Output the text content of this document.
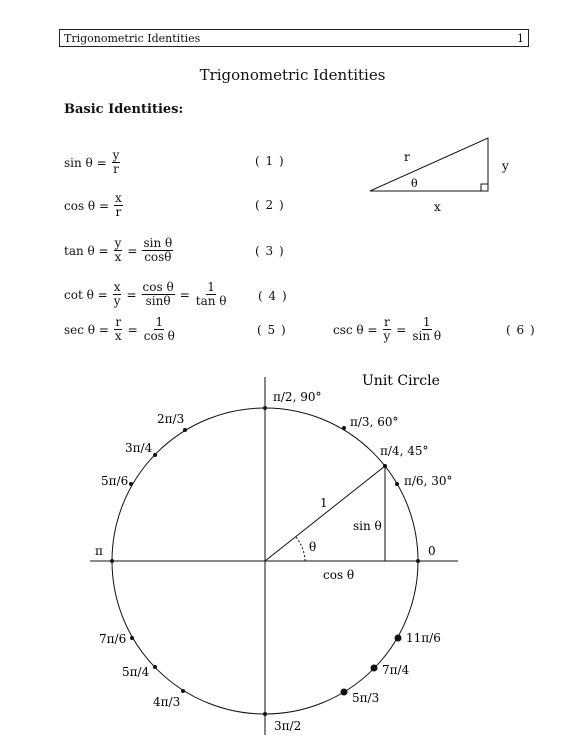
Trigonometric Identities	1
Trigonometric Identities
Basic Identities:
$\sin \theta = \frac{y}{r}$	( 1 )
$\cos \theta = \frac{x}{r}$	( 2 )
$\tan \theta = \frac{y}{x} = \frac{\text{sin θ}}{\cos\theta}$	( 3 )
$\cot \theta = \frac{x}{y} = \frac{\text{cos θ}}{\sin\theta} = \frac{1}{\text{tan θ}}$	( 4 )
$\sec \theta = \frac{r}{x} = \frac{1}{\text{cos θ}}$	( 5 )	$\csc \theta = \frac{r}{y} = \frac{1}{\text{sin θ}}$	( 6 )
r
y
x
θ
Unit Circle
1
θ
sin θ
cos θ
0
π/6, 30°
π/4, 45°
π/3, 60°
π/2, 90°
2π/3
3π/4
5π/6
π
7π/6
5π/4
4π/3
3π/2
5π/3
7π/4
11π/6
